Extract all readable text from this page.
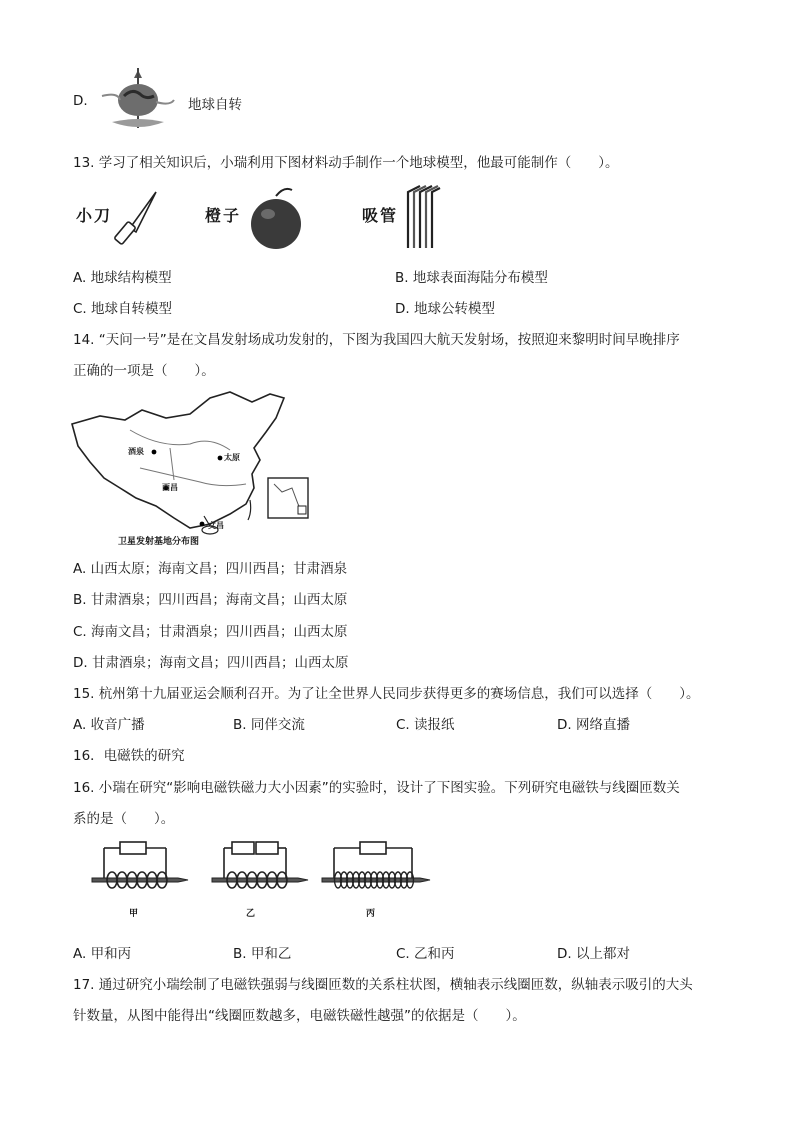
D.	地球自转
13. 学习了相关知识后，小瑞利用下图材料动手制作一个地球模型，他最可能制作（　　）。
小刀	橙子	吸管
A. 地球结构模型	B. 地球表面海陆分布模型
C. 地球自转模型	D. 地球公转模型
14. “天问一号”是在文昌发射场成功发射的，下图为我国四大航天发射场，按照迎来黎明时间早晚排序
正确的一项是（　　）。
酒泉
太原
西昌
文昌
卫星发射基地分布图
A. 山西太原；海南文昌；四川西昌；甘肃酒泉
B. 甘肃酒泉；四川西昌；海南文昌；山西太原
C. 海南文昌；甘肃酒泉；四川西昌；山西太原
D. 甘肃酒泉；海南文昌；四川西昌；山西太原
15. 杭州第十九届亚运会顺利召开。为了让全世界人民同步获得更多的赛场信息，我们可以选择（　　）。
A. 收音广播	B. 同伴交流	C. 读报纸	D. 网络直播
16．电磁铁的研究
16. 小瑞在研究“影响电磁铁磁力大小因素”的实验时，设计了下图实验。下列研究电磁铁与线圈匝数关
系的是（　　）。
甲	乙	丙
A. 甲和丙	B. 甲和乙	C. 乙和丙	D. 以上都对
17. 通过研究小瑞绘制了电磁铁强弱与线圈匝数的关系柱状图，横轴表示线圈匝数，纵轴表示吸引的大头
针数量，从图中能得出“线圈匝数越多，电磁铁磁性越强”的依据是（　　）。
